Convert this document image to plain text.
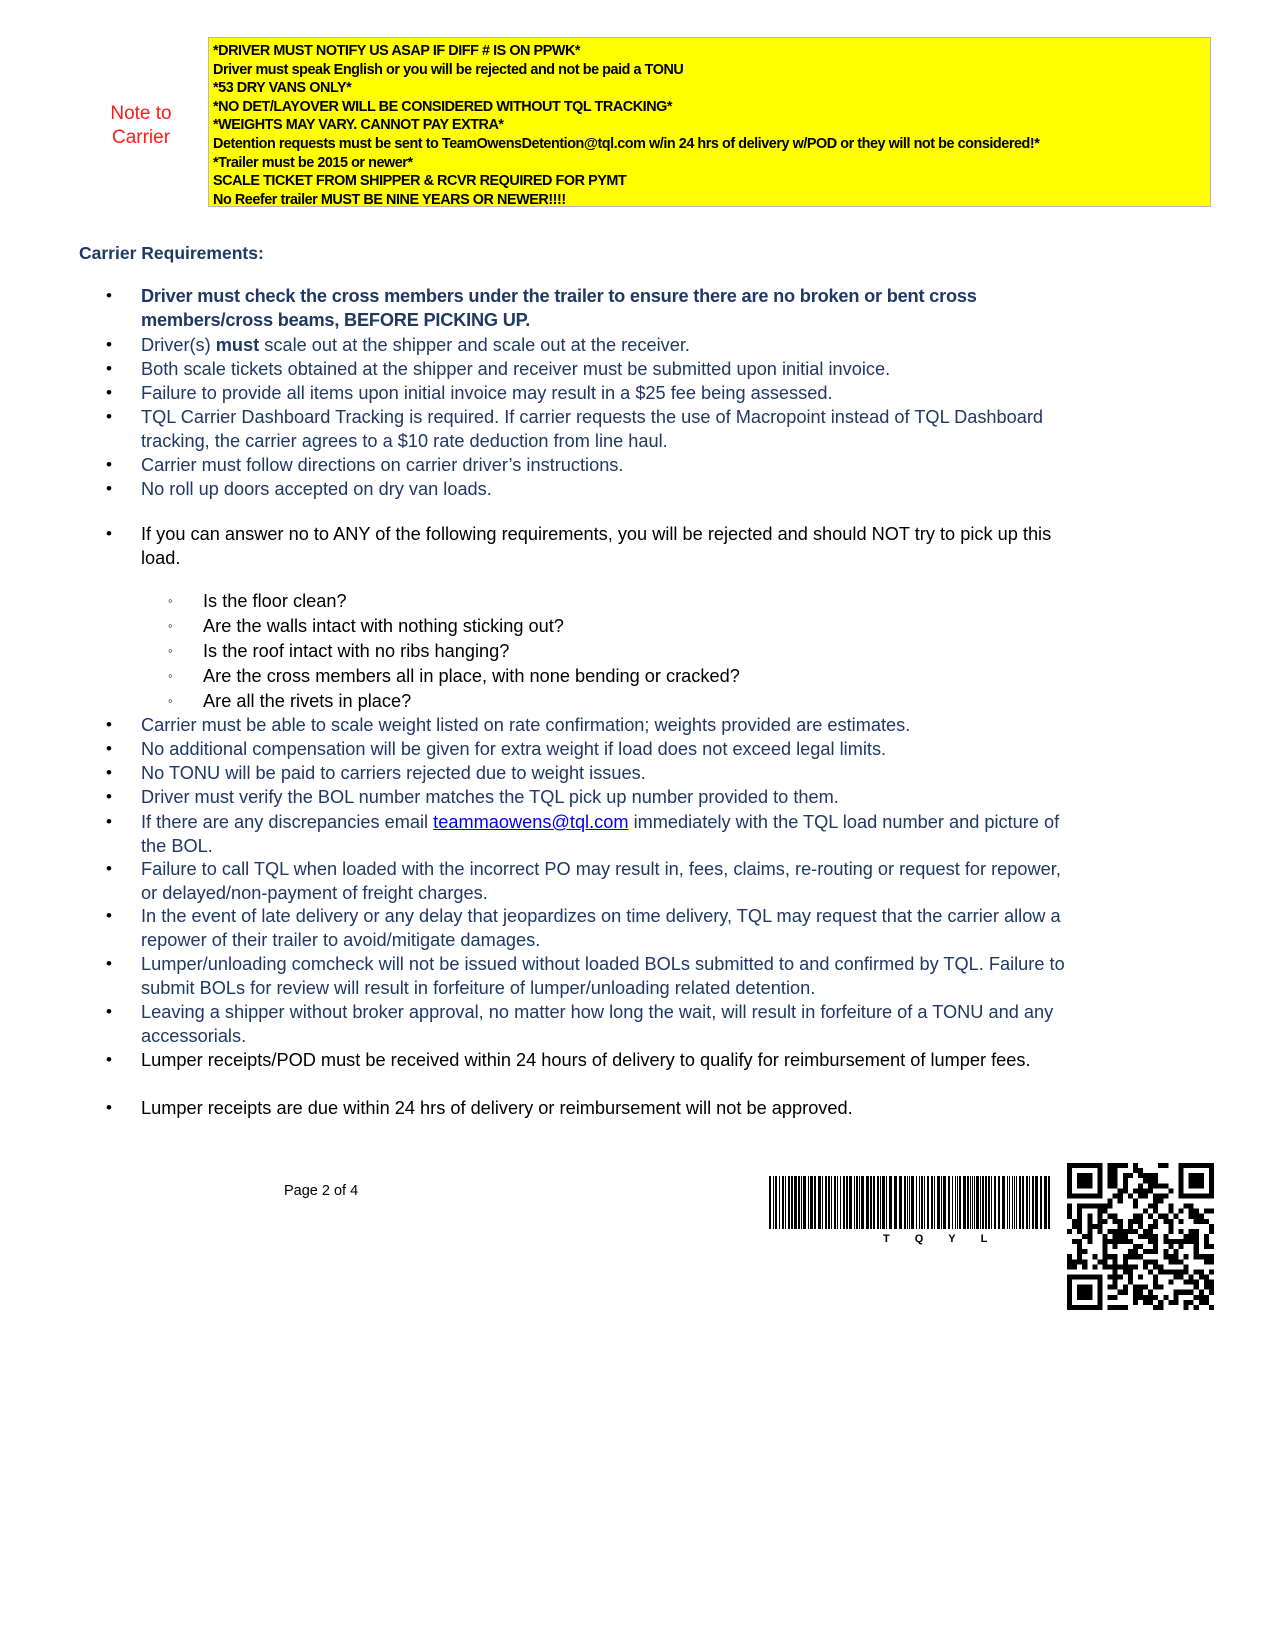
Note to
Carrier
*DRIVER MUST NOTIFY US ASAP IF DIFF # IS ON PPWK*
Driver must speak English or you will be rejected and not be paid a TONU
*53 DRY VANS ONLY*
*NO DET/LAYOVER WILL BE CONSIDERED WITHOUT TQL TRACKING*
*WEIGHTS MAY VARY. CANNOT PAY EXTRA*
Detention requests must be sent to TeamOwensDetention@tql.com w/in 24 hrs of delivery w/POD or they will not be considered!*
*Trailer must be 2015 or newer*
SCALE TICKET FROM SHIPPER & RCVR REQUIRED FOR PYMT
No Reefer trailer MUST BE NINE YEARS OR NEWER!!!!
Carrier Requirements:
• Driver must check the cross members under the trailer to ensure there are no broken or bent cross members/cross beams, BEFORE PICKING UP.
• Driver(s) must scale out at the shipper and scale out at the receiver.
• Both scale tickets obtained at the shipper and receiver must be submitted upon initial invoice.
• Failure to provide all items upon initial invoice may result in a $25 fee being assessed.
• TQL Carrier Dashboard Tracking is required. If carrier requests the use of Macropoint instead of TQL Dashboard tracking, the carrier agrees to a $10 rate deduction from line haul.
• Carrier must follow directions on carrier driver’s instructions.
• No roll up doors accepted on dry van loads.
• If you can answer no to ANY of the following requirements, you will be rejected and should NOT try to pick up this load.
◦ Is the floor clean?
◦ Are the walls intact with nothing sticking out?
◦ Is the roof intact with no ribs hanging?
◦ Are the cross members all in place, with none bending or cracked?
◦ Are all the rivets in place?
• Carrier must be able to scale weight listed on rate confirmation; weights provided are estimates.
• No additional compensation will be given for extra weight if load does not exceed legal limits.
• No TONU will be paid to carriers rejected due to weight issues.
• Driver must verify the BOL number matches the TQL pick up number provided to them.
• If there are any discrepancies email teammaowens@tql.com immediately with the TQL load number and picture of the BOL.
• Failure to call TQL when loaded with the incorrect PO may result in, fees, claims, re-routing or request for repower, or delayed/non-payment of freight charges.
• In the event of late delivery or any delay that jeopardizes on time delivery, TQL may request that the carrier allow a repower of their trailer to avoid/mitigate damages.
• Lumper/unloading comcheck will not be issued without loaded BOLs submitted to and confirmed by TQL. Failure to submit BOLs for review will result in forfeiture of lumper/unloading related detention.
• Leaving a shipper without broker approval, no matter how long the wait, will result in forfeiture of a TONU and any accessorials.
• Lumper receipts/POD must be received within 24 hours of delivery to qualify for reimbursement of lumper fees.
• Lumper receipts are due within 24 hrs of delivery or reimbursement will not be approved.
Page 2 of 4
TQYL
